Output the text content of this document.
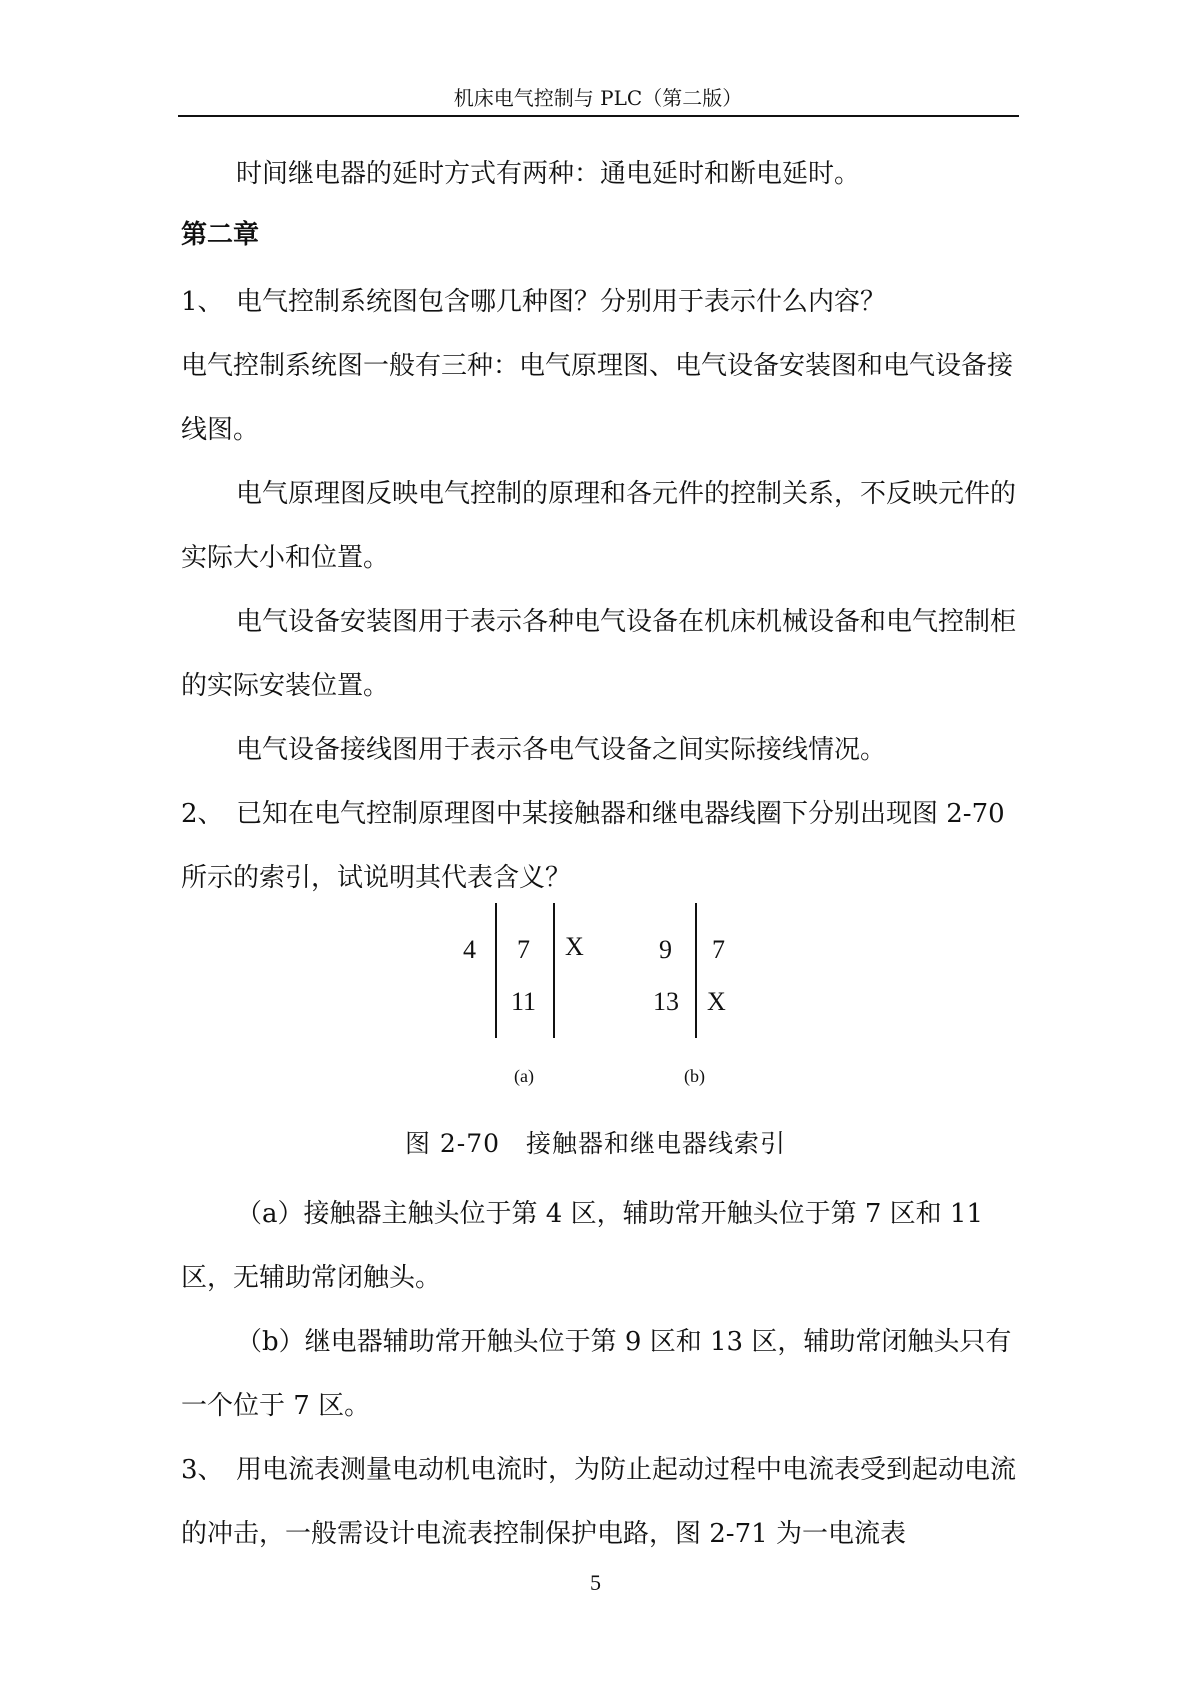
机床电气控制与 PLC（第二版）

时间继电器的延时方式有两种：通电延时和断电延时。

第二章

1、 电气控制系统图包含哪几种图？分别用于表示什么内容？

电气控制系统图一般有三种：电气原理图、电气设备安装图和电气设备接线图。

电气原理图反映电气控制的原理和各元件的控制关系，不反映元件的实际大小和位置。

电气设备安装图用于表示各种电气设备在机床机械设备和电气控制柜的实际安装位置。

电气设备接线图用于表示各电气设备之间实际接线情况。

2、 已知在电气控制原理图中某接触器和继电器线圈下分别出现图 2-70 所示的索引，试说明其代表含义？

4 7
11
X
(a)
9
13
7
X
(b)
图 2-70　接触器和继电器线索引

（a）接触器主触头位于第 4 区，辅助常开触头位于第 7 区和 11 区，无辅助常闭触头。

（b）继电器辅助常开触头位于第 9 区和 13 区，辅助常闭触头只有一个位于 7 区。

3、 用电流表测量电动机电流时，为防止起动过程中电流表受到起动电流的冲击，一般需设计电流表控制保护电路，图 2-71 为一电流表

5
